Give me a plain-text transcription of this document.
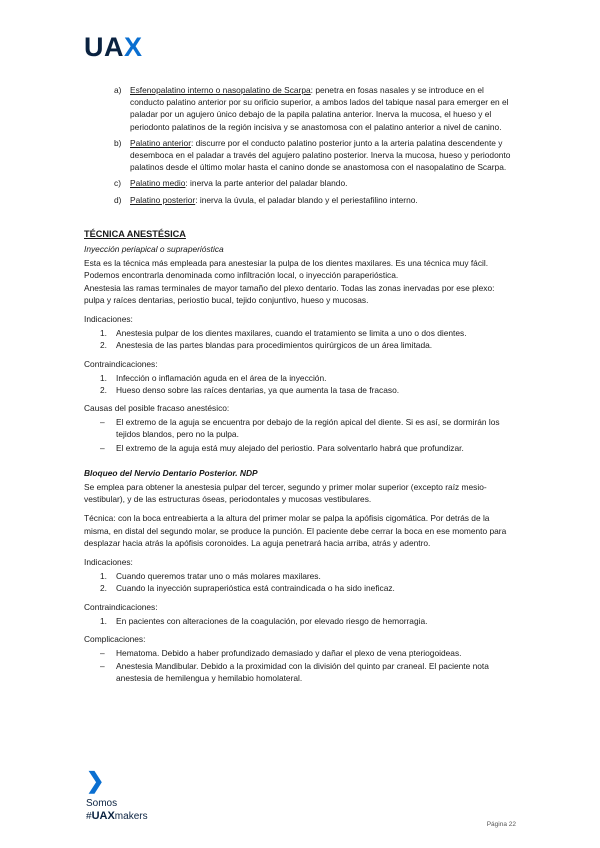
UAX
a) Esfenopalatino interno o nasopalatino de Scarpa: penetra en fosas nasales y se introduce en el conducto palatino anterior por su orificio superior, a ambos lados del tabique nasal para emerger en el paladar por un agujero único debajo de la papila palatina anterior. Inerva la mucosa, el hueso y el periodonto palatinos de la región incisiva y se anastomosa con el palatino anterior a nivel de canino.
b) Palatino anterior: discurre por el conducto palatino posterior junto a la arteria palatina descendente y desemboca en el paladar a través del agujero palatino posterior. Inerva la mucosa, hueso y periodonto palatinos desde el último molar hasta el canino donde se anastomosa con el nasopalatino de Scarpa.
c) Palatino medio: inerva la parte anterior del paladar blando.
d) Palatino posterior: inerva la úvula, el paladar blando y el periestafilino interno.
TÉCNICA ANESTÉSICA
Inyección periapical o supraperióstica

Esta es la técnica más empleada para anestesiar la pulpa de los dientes maxilares. Es una técnica muy fácil. Podemos encontrarla denominada como infiltración local, o inyección paraperióstica.

Anestesia las ramas terminales de mayor tamaño del plexo dentario. Todas las zonas inervadas por ese plexo: pulpa y raíces dentarias, periostio bucal, tejido conjuntivo, hueso y mucosas.

Indicaciones:
1. Anestesia pulpar de los dientes maxilares, cuando el tratamiento se limita a uno o dos dientes.
2. Anestesia de las partes blandas para procedimientos quirúrgicos de un área limitada.
Contraindicaciones:
1. Infección o inflamación aguda en el área de la inyección.
2. Hueso denso sobre las raíces dentarias, ya que aumenta la tasa de fracaso.
Causas del posible fracaso anestésico:
– El extremo de la aguja se encuentra por debajo de la región apical del diente. Si es así, se dormirán los tejidos blandos, pero no la pulpa.
– El extremo de la aguja está muy alejado del periostio. Para solventarlo habrá que profundizar.
Bloqueo del Nervio Dentario Posterior. NDP

Se emplea para obtener la anestesia pulpar del tercer, segundo y primer molar superior (excepto raíz mesio- vestibular), y de las estructuras óseas, periodontales y mucosas vestibulares.

Técnica: con la boca entreabierta a la altura del primer molar se palpa la apófisis cigomática. Por detrás de la misma, en distal del segundo molar, se produce la punción. El paciente debe cerrar la boca en ese momento para desplazar hacia atrás la apófisis coronoides. La aguja penetrará hacia arriba, atrás y adentro.

Indicaciones:
1. Cuando queremos tratar uno o más molares maxilares.
2. Cuando la inyección supraperióstica está contraindicada o ha sido ineficaz.
Contraindicaciones:
1. En pacientes con alteraciones de la coagulación, por elevado riesgo de hemorragia.
Complicaciones:
– Hematoma. Debido a haber profundizado demasiado y dañar el plexo de vena pteriogoideas.
– Anestesia Mandibular. Debido a la proximidad con la división del quinto par craneal. El paciente nota anestesia de hemilengua y hemilabio homolateral.
❯
Somos
#UAXmakers
Página 22
